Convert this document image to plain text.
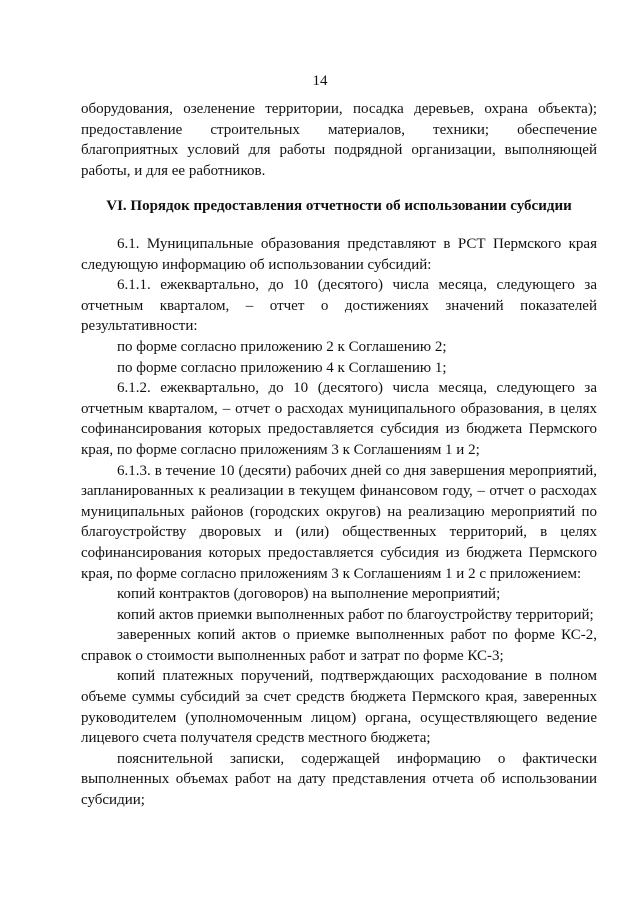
14

оборудования, озеленение территории, посадка деревьев, охрана объекта); предоставление строительных материалов, техники; обеспечение благоприятных условий для работы подрядной организации, выполняющей работы, и для ее работников.

VI. Порядок предоставления отчетности об использовании субсидии

6.1. Муниципальные образования представляют в РСТ Пермского края следующую информацию об использовании субсидий:

6.1.1. ежеквартально, до 10 (десятого) числа месяца, следующего за отчетным кварталом, – отчет о достижениях значений показателей результативности:

по форме согласно приложению 2 к Соглашению 2;

по форме согласно приложению 4 к Соглашению 1;

6.1.2. ежеквартально, до 10 (десятого) числа месяца, следующего за отчетным кварталом, – отчет о расходах муниципального образования, в целях софинансирования которых предоставляется субсидия из бюджета Пермского края, по форме согласно приложениям 3 к Соглашениям 1 и 2;

6.1.3. в течение 10 (десяти) рабочих дней со дня завершения мероприятий, запланированных к реализации в текущем финансовом году, – отчет о расходах муниципальных районов (городских округов) на реализацию мероприятий по благоустройству дворовых и (или) общественных территорий, в целях софинансирования которых предоставляется субсидия из бюджета Пермского края, по форме согласно приложениям 3 к Соглашениям 1 и 2 с приложением:

копий контрактов (договоров) на выполнение мероприятий;

копий актов приемки выполненных работ по благоустройству территорий;

заверенных копий актов о приемке выполненных работ по форме КС-2, справок о стоимости выполненных работ и затрат по форме КС-3;

копий платежных поручений, подтверждающих расходование в полном объеме суммы субсидий за счет средств бюджета Пермского края, заверенных руководителем (уполномоченным лицом) органа, осуществляющего ведение лицевого счета получателя средств местного бюджета;

пояснительной записки, содержащей информацию о фактически выполненных объемах работ на дату представления отчета об использовании субсидии;
